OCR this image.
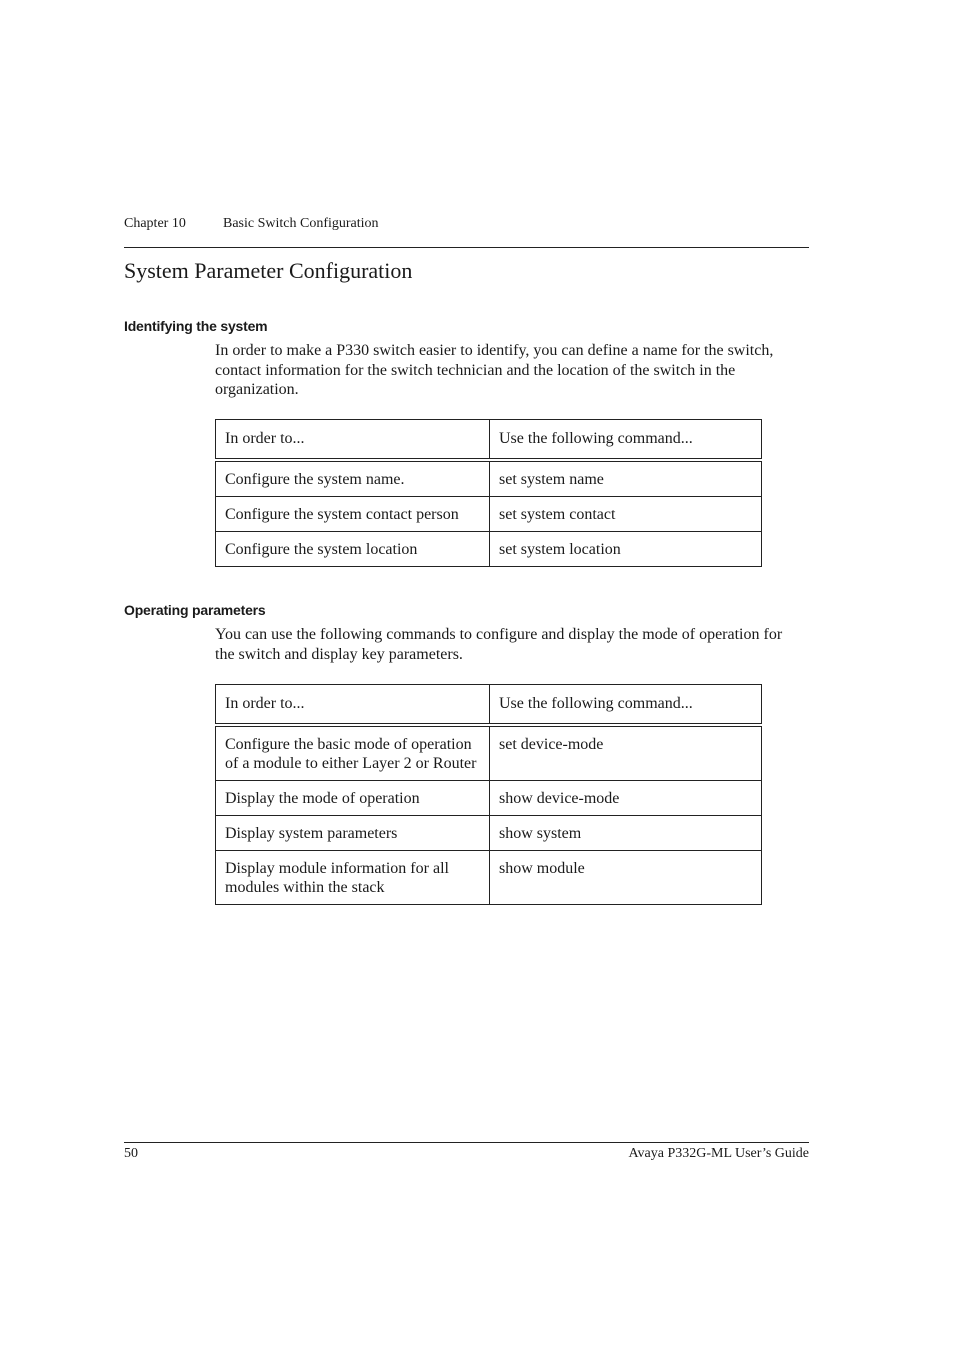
Chapter 10	Basic Switch Configuration
System Parameter Configuration
Identifying the system

In order to make a P330 switch easier to identify, you can define a name for the switch, contact information for the switch technician and the location of the switch in the organization.

In order to...	Use the following command...
Configure the system name.	set system name
Configure the system contact person	set system contact
Configure the system location	set system location
Operating parameters

You can use the following commands to configure and display the mode of operation for the switch and display key parameters.

In order to...	Use the following command...
Configure the basic mode of operation of a module to either Layer 2 or Router	set device-mode
Display the mode of operation	show device-mode
Display system parameters	show system
Display module information for all modules within the stack	show module
50	Avaya P332G-ML User’s Guide
